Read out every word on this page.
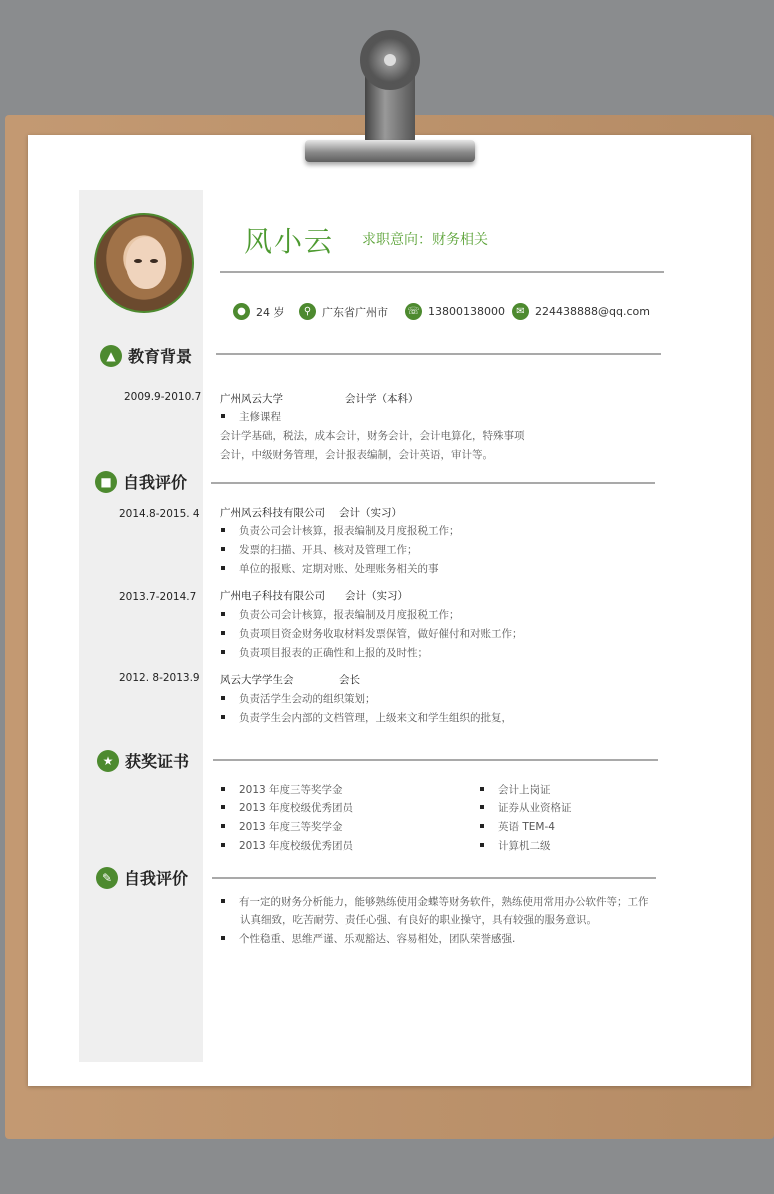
风小云 求职意向：财务相关
● 24 岁	⚲ 广东省广州市 ☏ 13800138000	✉ 224438888@qq.com
▲ 教育背景
2009.9-2010.7 广州风云大学	会计学（本科）
主修课程
会计学基础，税法，成本会计，财务会计，会计电算化，特殊事项
会计，中级财务管理，会计报表编制，会计英语，审计等。
■ 自我评价
2014.8-2015. 4 广州风云科技有限公司 会计（实习）
负责公司会计核算，报表编制及月度报税工作；
发票的扫描、开具、核对及管理工作；
单位的报账、定期对账、处理账务相关的事
2013.7-2014.7 广州电子科技有限公司 会计（实习）
负责公司会计核算，报表编制及月度报税工作；
负责项目资金财务收取材料发票保管，做好催付和对账工作；
负责项目报表的正确性和上报的及时性；
2012. 8-2013.9 风云大学学生会	会长
负责活学生会动的组织策划；
负责学生会内部的文档管理，上级来文和学生组织的批复，
★ 获奖证书
2013 年度三等奖学金
2013 年度校级优秀团员
2013 年度三等奖学金
2013 年度校级优秀团员
会计上岗证
证券从业资格证
英语 TEM-4
计算机二级
✎ 自我评价
有一定的财务分析能力，能够熟练使用金蝶等财务软件，熟练使用常用办公软件等；工作
认真细致，吃苦耐劳、责任心强、有良好的职业操守，具有较强的服务意识。
个性稳重、思维严谨、乐观豁达、容易相处，团队荣誉感强.
